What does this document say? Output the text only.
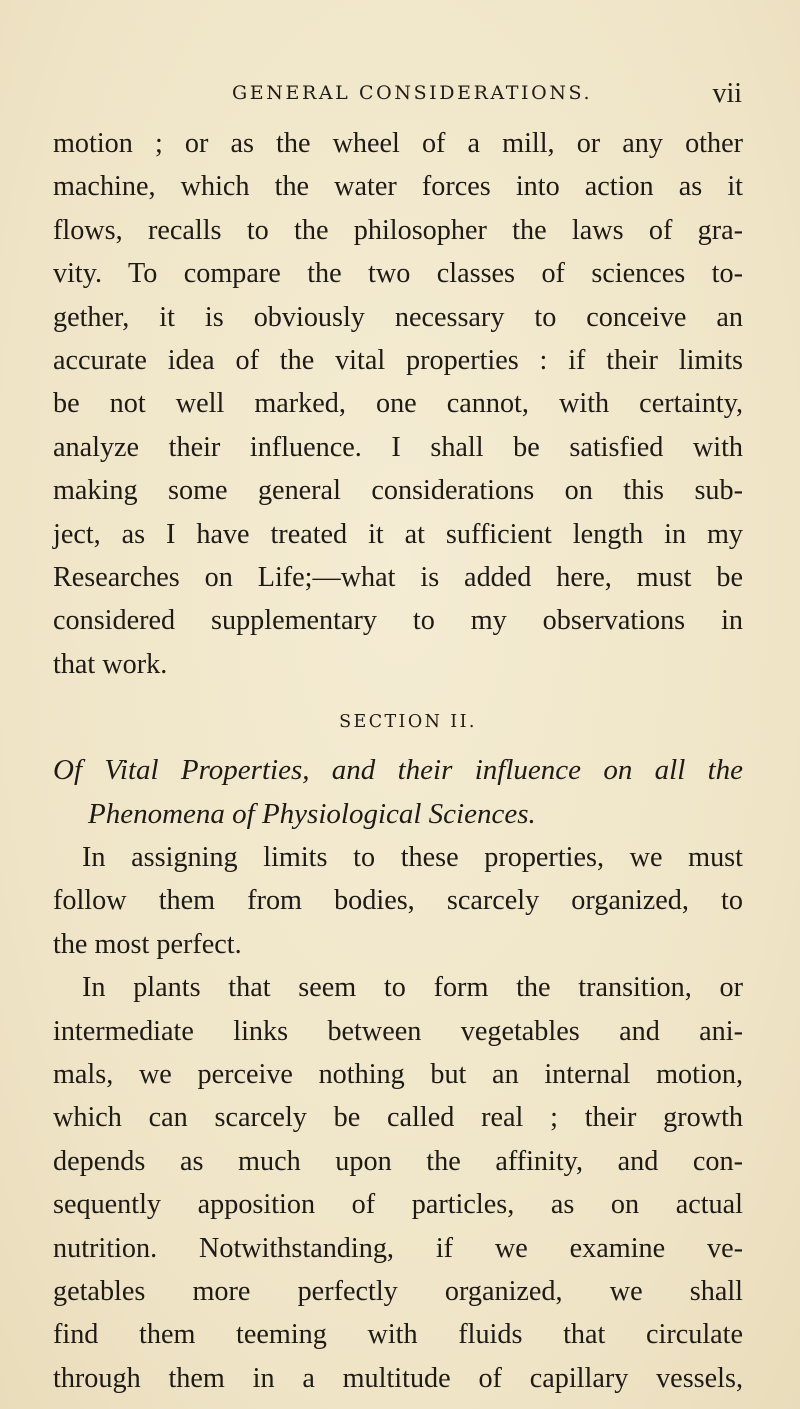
GENERAL CONSIDERATIONS.	vii
motion ; or as the wheel of a mill, or any other
machine, which the water forces into action as it
flows, recalls to the philosopher the laws of gra-
vity. To compare the two classes of sciences to-
gether, it is obviously necessary to conceive an
accurate idea of the vital properties : if their limits
be not well marked, one cannot, with certainty,
analyze their influence. I shall be satisfied with
making some general considerations on this sub-
ject, as I have treated it at sufficient length in my
Researches on Life;—what is added here, must be
considered supplementary to my observations in
that work.
SECTION II.
Of Vital Properties, and their influence on all the
Phenomena of Physiological Sciences.
In assigning limits to these properties, we must
follow them from bodies, scarcely organized, to
the most perfect.
In plants that seem to form the transition, or
intermediate links between vegetables and ani-
mals, we perceive nothing but an internal motion,
which can scarcely be called real ; their growth
depends as much upon the affinity, and con-
sequently apposition of particles, as on actual
nutrition. Notwithstanding, if we examine ve-
getables more perfectly organized, we shall
find them teeming with fluids that circulate
through them in a multitude of capillary vessels,
